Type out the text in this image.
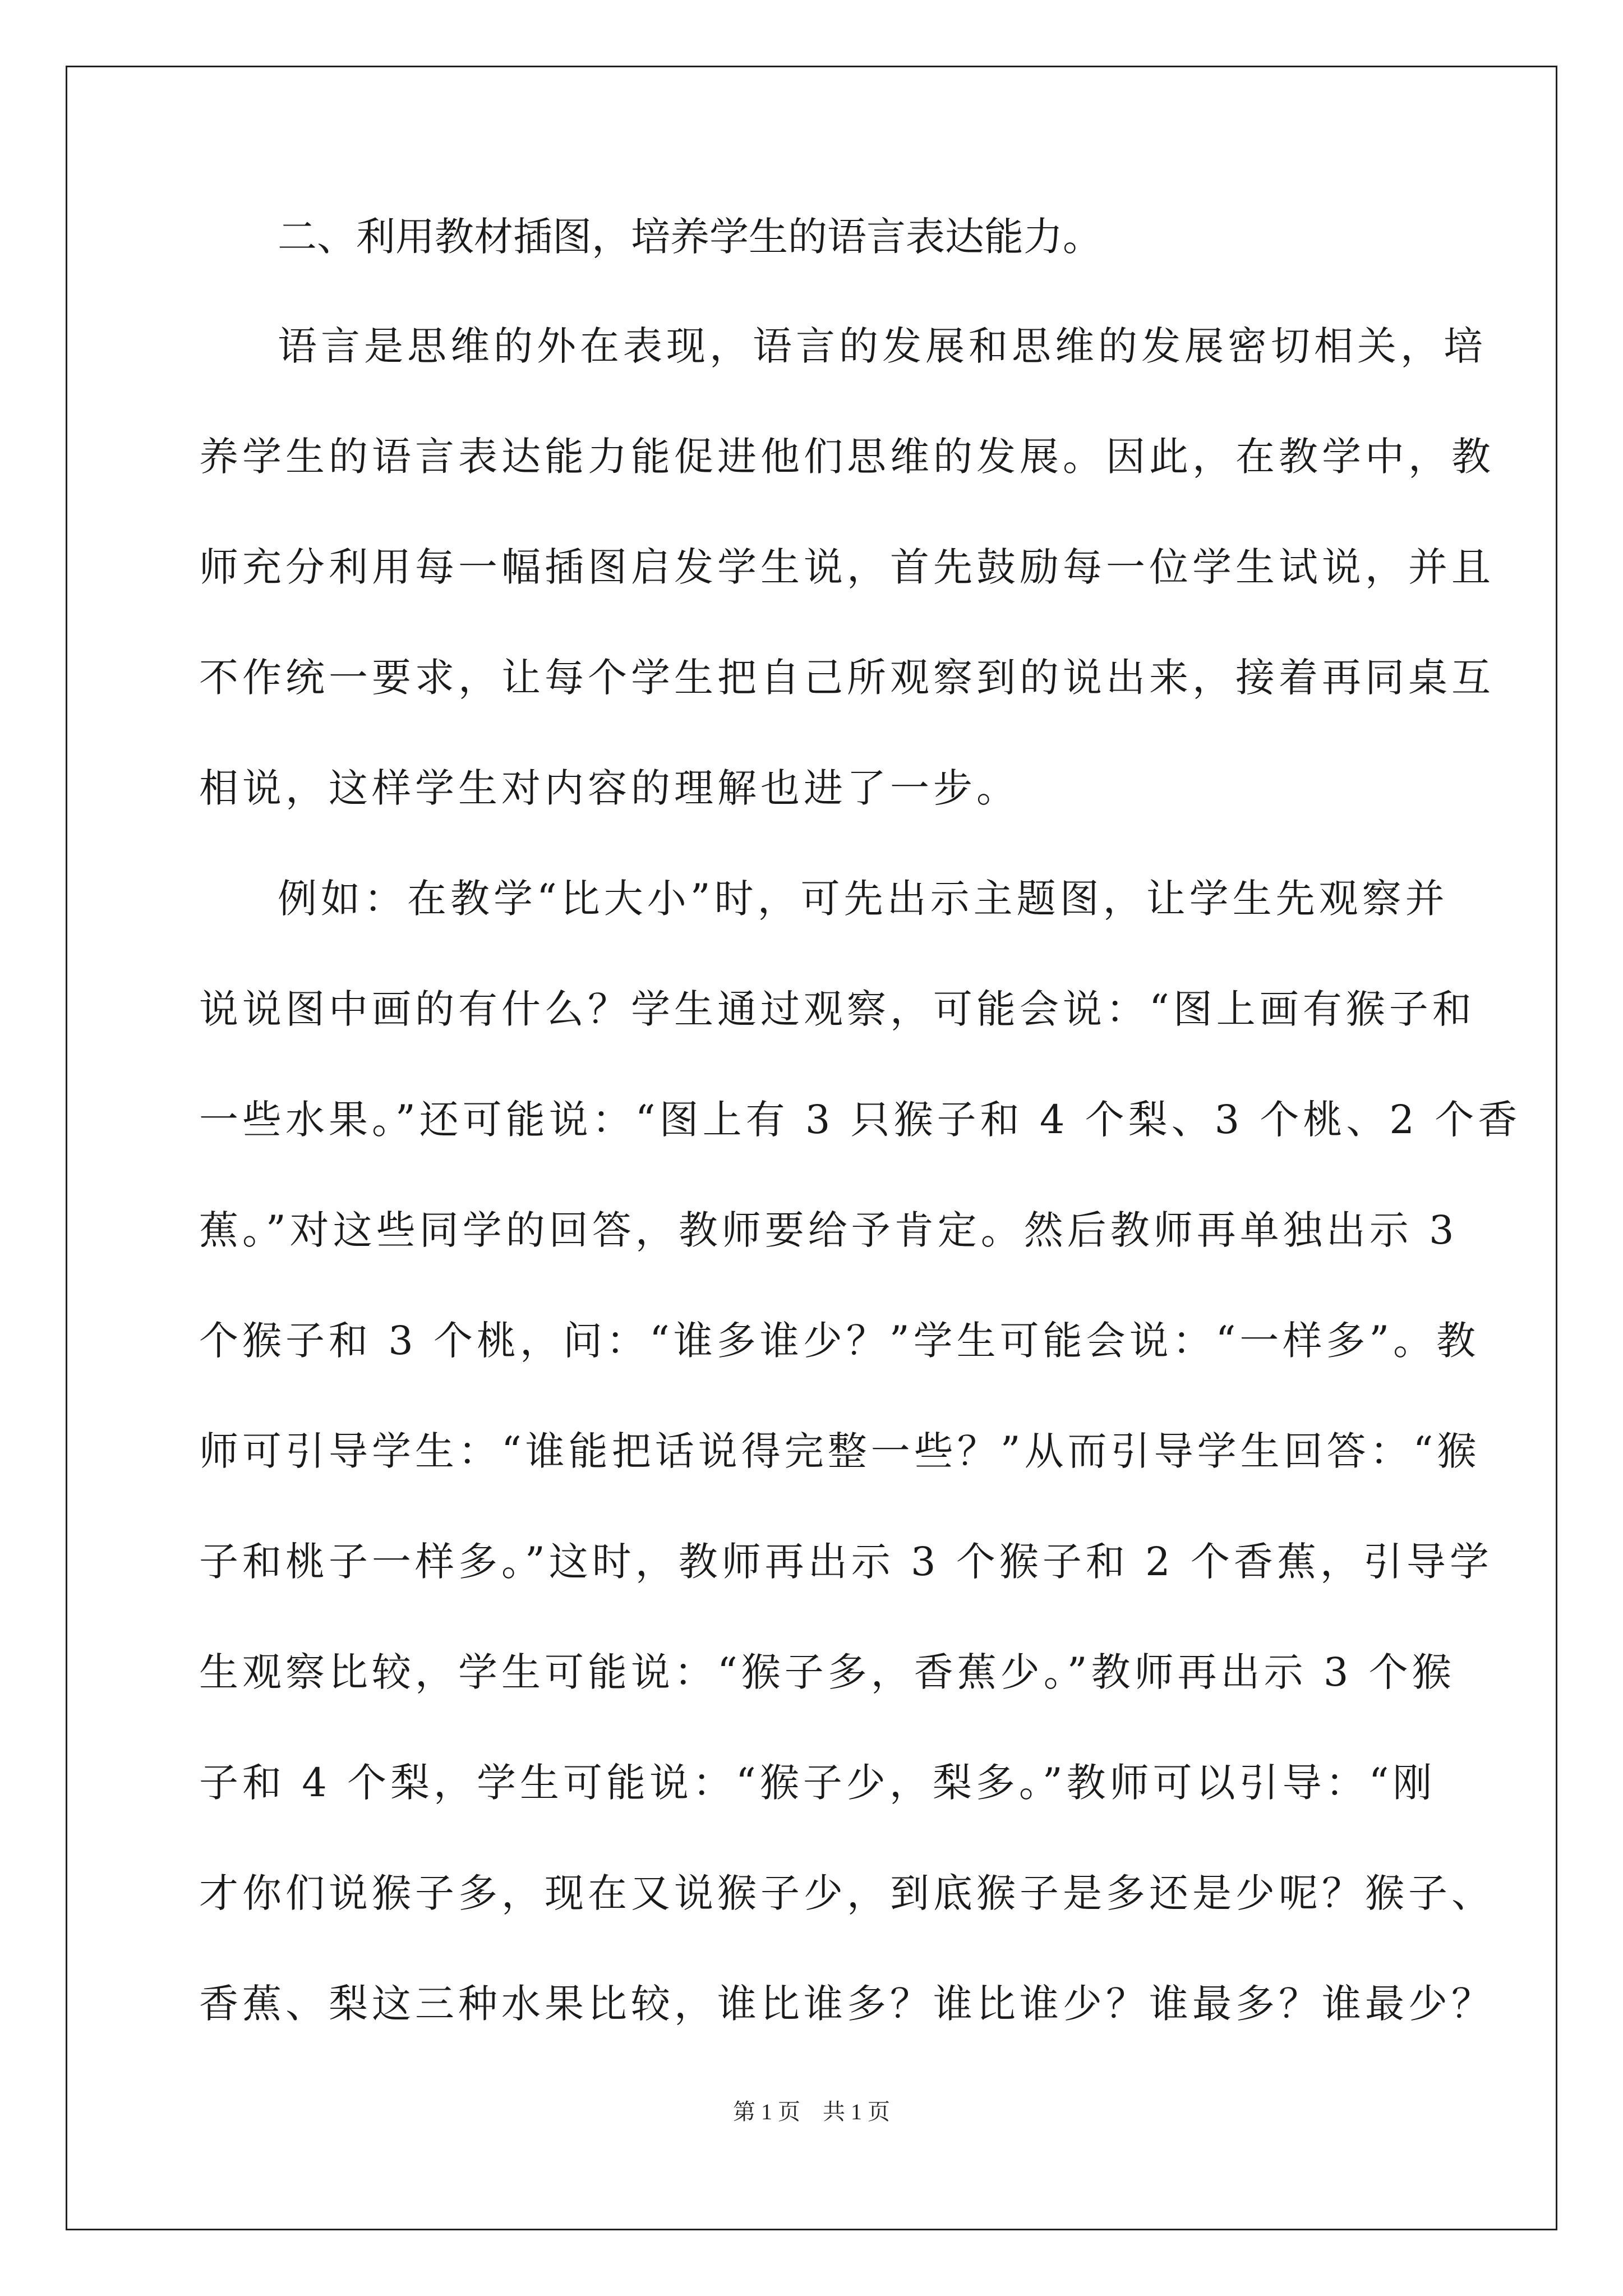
二、利用教材插图，培养学生的语言表达能力。

语言是思维的外在表现，语言的发展和思维的发展密切相关，培

养学生的语言表达能力能促进他们思维的发展。因此，在教学中，教

师充分利用每一幅插图启发学生说，首先鼓励每一位学生试说，并且

不作统一要求，让每个学生把自己所观察到的说出来，接着再同桌互

相说，这样学生对内容的理解也进了一步。

例如：在教学“比大小”时，可先出示主题图，让学生先观察并

说说图中画的有什么？学生通过观察，可能会说：“图上画有猴子和

一些水果。”还可能说：“图上有 3 只猴子和 4 个梨、3 个桃、2 个香

蕉。”对这些同学的回答，教师要给予肯定。然后教师再单独出示 3

个猴子和 3 个桃，问：“谁多谁少？”学生可能会说：“一样多”。教

师可引导学生：“谁能把话说得完整一些？”从而引导学生回答：“猴

子和桃子一样多。”这时，教师再出示 3 个猴子和 2 个香蕉，引导学

生观察比较，学生可能说：“猴子多，香蕉少。”教师再出示 3 个猴

子和 4 个梨，学生可能说：“猴子少，梨多。”教师可以引导：“刚

才你们说猴子多，现在又说猴子少，到底猴子是多还是少呢？猴子、

香蕉、梨这三种水果比较，谁比谁多？谁比谁少？谁最多？谁最少？

第 1 页 共 1 页
